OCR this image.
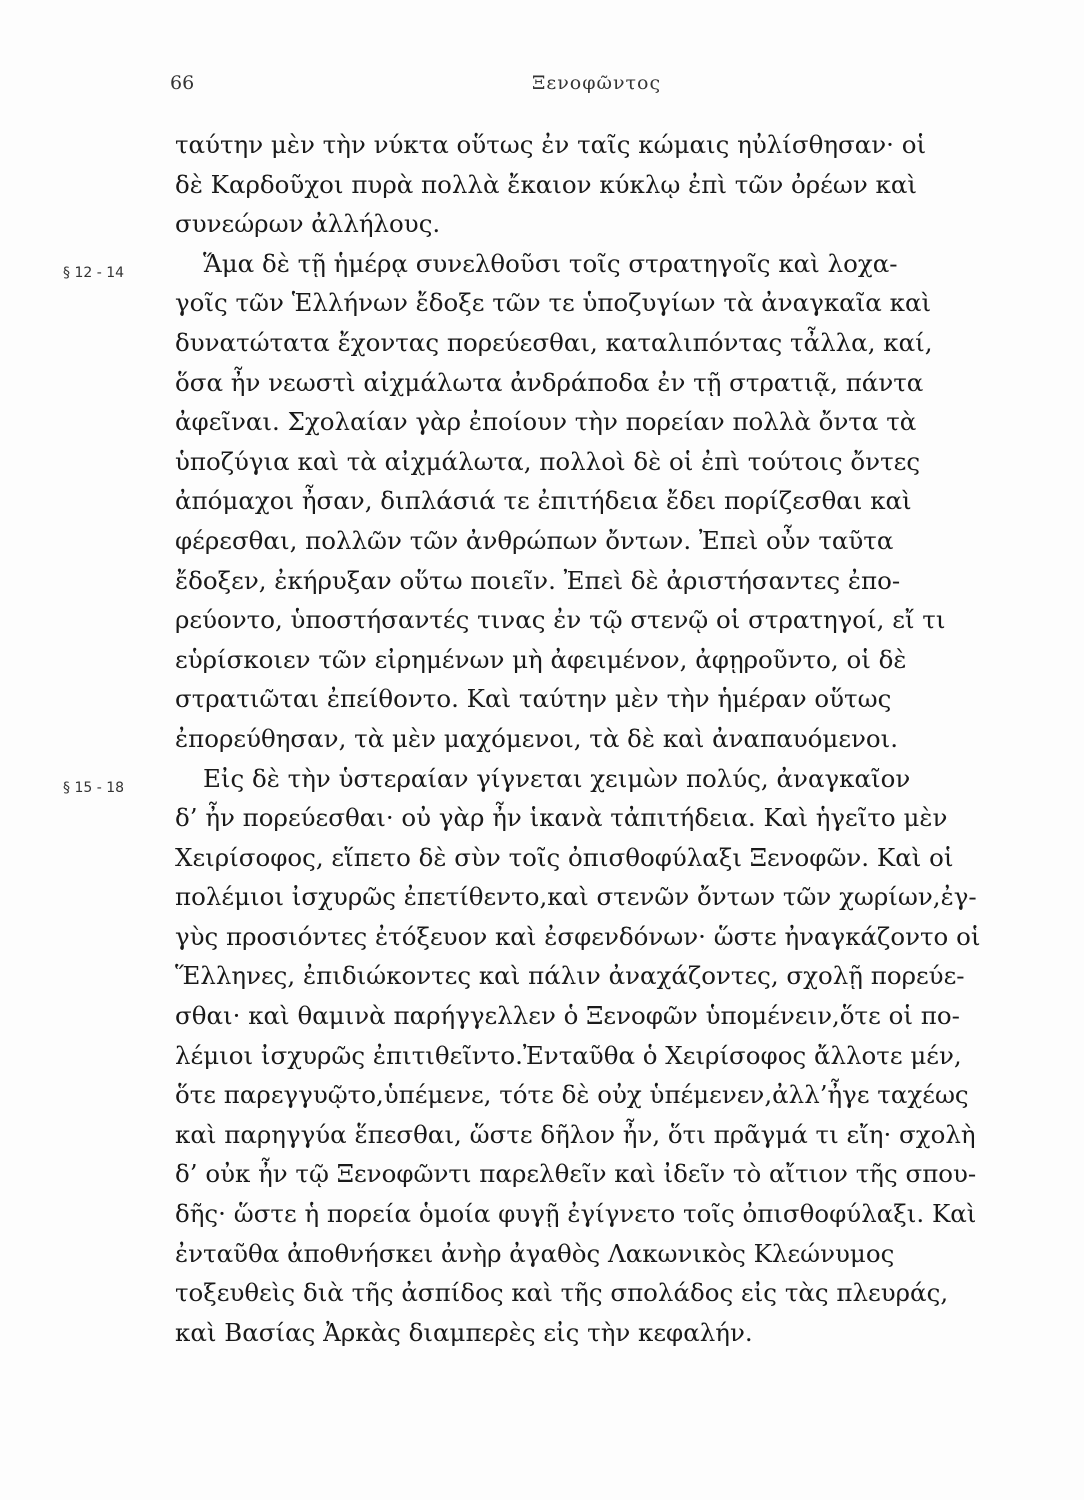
66	Ξενοφῶντος
§ 12 - 14
§ 15 - 18
ταύτην μὲν τὴν νύκτα οὕτως ἐν ταῖς κώμαις ηὐλίσθησαν· οἱ
δὲ Καρδοῦχοι πυρὰ πολλὰ ἔκαιον κύκλῳ ἐπὶ τῶν ὀρέων καὶ
συνεώρων ἀλλήλους.
Ἅμα δὲ τῇ ἡμέρᾳ συνελθοῦσι τοῖς στρατηγοῖς καὶ λοχα-
γοῖς τῶν Ἑλλήνων ἔδοξε τῶν τε ὑποζυγίων τὰ ἀναγκαῖα καὶ
δυνατώτατα ἔχοντας πορεύεσθαι, καταλιπόντας τἆλλα, καί,
ὅσα ἦν νεωστὶ αἰχμάλωτα ἀνδράποδα ἐν τῇ στρατιᾷ, πάντα
ἀφεῖναι. Σχολαίαν γὰρ ἐποίουν τὴν πορείαν πολλὰ ὄντα τὰ
ὑποζύγια καὶ τὰ αἰχμάλωτα, πολλοὶ δὲ οἱ ἐπὶ τούτοις ὄντες
ἀπόμαχοι ἦσαν, διπλάσιά τε ἐπιτήδεια ἔδει πορίζεσθαι καὶ
φέρεσθαι, πολλῶν τῶν ἀνθρώπων ὄντων. Ἐπεὶ οὖν ταῦτα
ἔδοξεν, ἐκήρυξαν οὕτω ποιεῖν. Ἐπεὶ δὲ ἀριστήσαντες ἐπο-
ρεύοντο, ὑποστήσαντές τινας ἐν τῷ στενῷ οἱ στρατηγοί, εἴ τι
εὑρίσκοιεν τῶν εἰρημένων μὴ ἀφειμένον, ἀφῃροῦντο, οἱ δὲ
στρατιῶται ἐπείθοντο. Καὶ ταύτην μὲν τὴν ἡμέραν οὕτως
ἐπορεύθησαν, τὰ μὲν μαχόμενοι, τὰ δὲ καὶ ἀναπαυόμενοι.
Εἰς δὲ τὴν ὑστεραίαν γίγνεται χειμὼν πολύς, ἀναγκαῖον
δ’ ἦν πορεύεσθαι· οὐ γὰρ ἦν ἱκανὰ τἀπιτήδεια. Καὶ ἡγεῖτο μὲν
Χειρίσοφος, εἵπετο δὲ σὺν τοῖς ὀπισθοφύλαξι Ξενοφῶν. Καὶ οἱ
πολέμιοι ἰσχυρῶς ἐπετίθεντο,καὶ στενῶν ὄντων τῶν χωρίων,ἐγ-
γὺς προσιόντες ἐτόξευον καὶ ἐσφενδόνων· ὥστε ἠναγκάζοντο οἱ
Ἕλληνες, ἐπιδιώκοντες καὶ πάλιν ἀναχάζοντες, σχολῇ πορεύε-
σθαι· καὶ θαμινὰ παρήγγελλεν ὁ Ξενοφῶν ὑπομένειν,ὅτε οἱ πο-
λέμιοι ἰσχυρῶς ἐπιτιθεῖντο.Ἐνταῦθα ὁ Χειρίσοφος ἄλλοτε μέν,
ὅτε παρεγγυῷτο,ὑπέμενε, τότε δὲ οὐχ ὑπέμενεν,ἀλλ’ἦγε ταχέως
καὶ παρηγγύα ἕπεσθαι, ὥστε δῆλον ἦν, ὅτι πρᾶγμά τι εἴη· σχολὴ
δ’ οὐκ ἦν τῷ Ξενοφῶντι παρελθεῖν καὶ ἰδεῖν τὸ αἴτιον τῆς σπου-
δῆς· ὥστε ἡ πορεία ὁμοία φυγῇ ἐγίγνετο τοῖς ὀπισθοφύλαξι. Καὶ
ἐνταῦθα ἀποθνήσκει ἀνὴρ ἀγαθὸς Λακωνικὸς Κλεώνυμος
τοξευθεὶς διὰ τῆς ἀσπίδος καὶ τῆς σπολάδος εἰς τὰς πλευράς,
καὶ Βασίας Ἀρκὰς διαμπερὲς εἰς τὴν κεφαλήν.
